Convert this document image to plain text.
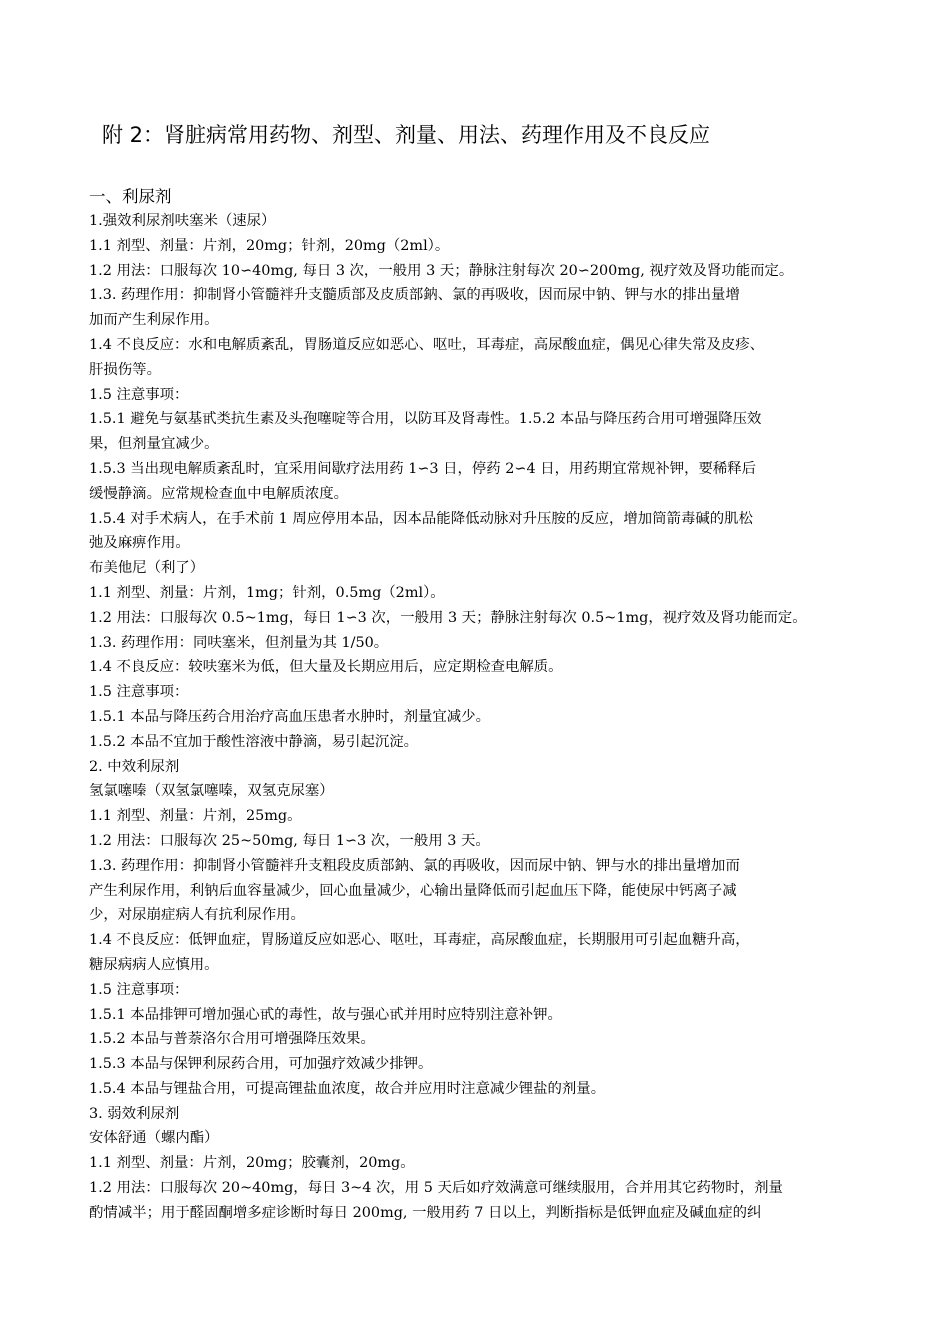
附 2：肾脏病常用药物、剂型、剂量、用法、药理作用及不良反应
一、利尿剂
1.强效利尿剂呋塞米（速尿）
1.1 剂型、剂量：片剂，20mg；针剂，20mg（2ml）。
1.2 用法：口服每次 10∽40mg, 每日 3 次，一般用 3 天；静脉注射每次 20∽200mg, 视疗效及肾功能而定。
1.3. 药理作用：抑制肾小管髓袢升支髓质部及皮质部鈉、氯的再吸收，因而尿中钠、钾与水的排出量增
加而产生利尿作用。
1.4 不良反应：水和电解质紊乱，胃肠道反应如恶心、呕吐，耳毒症，高尿酸血症，偶见心律失常及皮疹、
肝损伤等。
1.5 注意事项：
1.5.1 避免与氨基甙类抗生素及头孢噻啶等合用，以防耳及肾毒性。1.5.2 本品与降压药合用可增强降压效
果，但剂量宜减少。
1.5.3 当出现电解质紊乱时，宜采用间歇疗法用药 1∽3 日，停药 2∽4 日，用药期宜常规补钾，要稀释后
缓慢静滴。应常规检查血中电解质浓度。
1.5.4 对手术病人，在手术前 1 周应停用本品，因本品能降低动脉对升压胺的反应，增加筒箭毒碱的肌松
弛及麻痹作用。
布美他尼（利了）
1.1 剂型、剂量：片剂，1mg；针剂，0.5mg（2ml）。
1.2 用法：口服每次 0.5~1mg，每日 1∽3 次，一般用 3 天；静脉注射每次 0.5~1mg，视疗效及肾功能而定。
1.3. 药理作用：同呋塞米，但剂量为其 1/50。
1.4 不良反应：较呋塞米为低，但大量及长期应用后，应定期检查电解质。
1.5 注意事项：
1.5.1 本品与降压药合用治疗高血压患者水肿时，剂量宜减少。
1.5.2 本品不宜加于酸性溶液中静滴，易引起沉淀。
2. 中效利尿剂
氢氯噻嗪（双氢氯噻嗪，双氢克尿塞）
1.1 剂型、剂量：片剂，25mg。
1.2 用法：口服每次 25~50mg, 每日 1∽3 次，一般用 3 天。
1.3. 药理作用：抑制肾小管髓袢升支粗段皮质部鈉、氯的再吸收，因而尿中钠、钾与水的排出量增加而
产生利尿作用，利钠后血容量减少，回心血量减少，心输出量降低而引起血压下降，能使尿中钙离子减
少，对尿崩症病人有抗利尿作用。
1.4 不良反应：低钾血症，胃肠道反应如恶心、呕吐，耳毒症，高尿酸血症，长期服用可引起血糖升高，
糖尿病病人应慎用。
1.5 注意事项：
1.5.1 本品排钾可增加强心甙的毒性，故与强心甙并用时应特别注意补钾。
1.5.2 本品与普萘洛尔合用可增强降压效果。
1.5.3 本品与保钾利尿药合用，可加强疗效减少排钾。
1.5.4 本品与锂盐合用，可提高锂盐血浓度，故合并应用时注意减少锂盐的剂量。
3. 弱效利尿剂
安体舒通（螺内酯）
1.1 剂型、剂量：片剂，20mg；胶囊剂，20mg。
1.2 用法：口服每次 20~40mg，每日 3~4 次，用 5 天后如疗效满意可继续服用，合并用其它药物时，剂量
酌情减半；用于醛固酮增多症诊断时每日 200mg, 一般用药 7 日以上，判断指标是低钾血症及碱血症的纠
